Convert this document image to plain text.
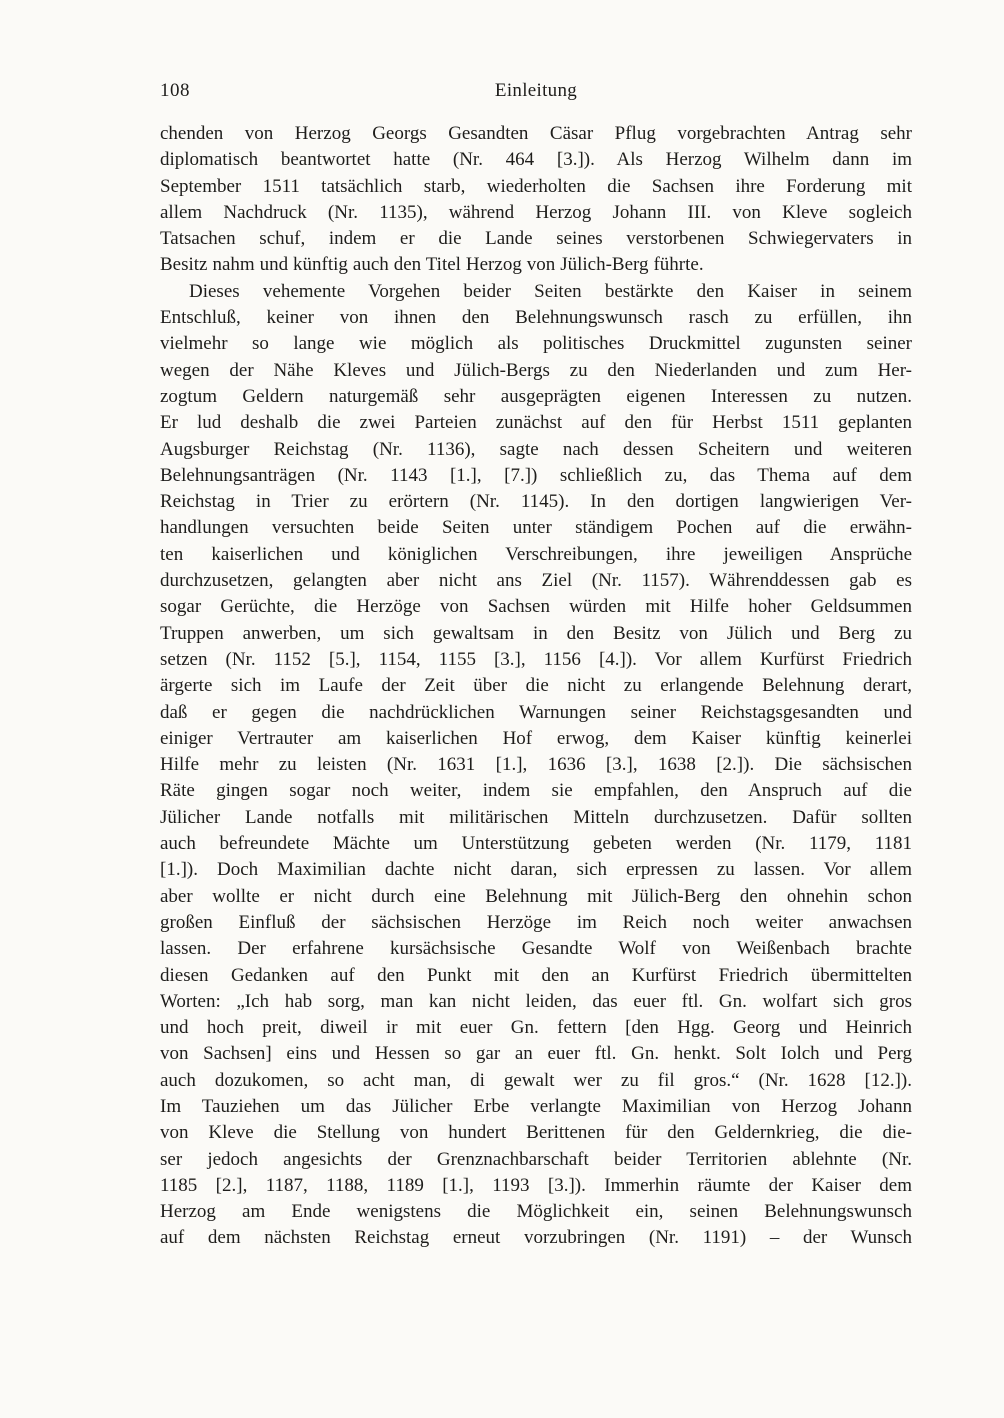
108	Einleitung
chenden von Herzog Georgs Gesandten Cäsar Pflug vorgebrachten Antrag sehr
diplomatisch beantwortet hatte (Nr. 464 [3.]). Als Herzog Wilhelm dann im
September 1511 tatsächlich starb, wiederholten die Sachsen ihre Forderung mit
allem Nachdruck (Nr. 1135), während Herzog Johann III. von Kleve sogleich
Tatsachen schuf, indem er die Lande seines verstorbenen Schwiegervaters in
Besitz nahm und künftig auch den Titel Herzog von Jülich-Berg führte.
Dieses vehemente Vorgehen beider Seiten bestärkte den Kaiser in seinem
Entschluß, keiner von ihnen den Belehnungswunsch rasch zu erfüllen, ihn
vielmehr so lange wie möglich als politisches Druckmittel zugunsten seiner
wegen der Nähe Kleves und Jülich-Bergs zu den Niederlanden und zum Her-
zogtum Geldern naturgemäß sehr ausgeprägten eigenen Interessen zu nutzen.
Er lud deshalb die zwei Parteien zunächst auf den für Herbst 1511 geplanten
Augsburger Reichstag (Nr. 1136), sagte nach dessen Scheitern und weiteren
Belehnungsanträgen (Nr. 1143 [1.], [7.]) schließlich zu, das Thema auf dem
Reichstag in Trier zu erörtern (Nr. 1145). In den dortigen langwierigen Ver-
handlungen versuchten beide Seiten unter ständigem Pochen auf die erwähn-
ten kaiserlichen und königlichen Verschreibungen, ihre jeweiligen Ansprüche
durchzusetzen, gelangten aber nicht ans Ziel (Nr. 1157). Währenddessen gab es
sogar Gerüchte, die Herzöge von Sachsen würden mit Hilfe hoher Geldsummen
Truppen anwerben, um sich gewaltsam in den Besitz von Jülich und Berg zu
setzen (Nr. 1152 [5.], 1154, 1155 [3.], 1156 [4.]). Vor allem Kurfürst Friedrich
ärgerte sich im Laufe der Zeit über die nicht zu erlangende Belehnung derart,
daß er gegen die nachdrücklichen Warnungen seiner Reichstagsgesandten und
einiger Vertrauter am kaiserlichen Hof erwog, dem Kaiser künftig keinerlei
Hilfe mehr zu leisten (Nr. 1631 [1.], 1636 [3.], 1638 [2.]). Die sächsischen
Räte gingen sogar noch weiter, indem sie empfahlen, den Anspruch auf die
Jülicher Lande notfalls mit militärischen Mitteln durchzusetzen. Dafür sollten
auch befreundete Mächte um Unterstützung gebeten werden (Nr. 1179, 1181
[1.]). Doch Maximilian dachte nicht daran, sich erpressen zu lassen. Vor allem
aber wollte er nicht durch eine Belehnung mit Jülich-Berg den ohnehin schon
großen Einfluß der sächsischen Herzöge im Reich noch weiter anwachsen
lassen. Der erfahrene kursächsische Gesandte Wolf von Weißenbach brachte
diesen Gedanken auf den Punkt mit den an Kurfürst Friedrich übermittelten
Worten: „Ich hab sorg, man kan nicht leiden, das euer ftl. Gn. wolfart sich gros
und hoch preit, diweil ir mit euer Gn. fettern [den Hgg. Georg und Heinrich
von Sachsen] eins und Hessen so gar an euer ftl. Gn. henkt. Solt Iolch und Perg
auch dozukomen, so acht man, di gewalt wer zu fil gros.“ (Nr. 1628 [12.]).
Im Tauziehen um das Jülicher Erbe verlangte Maximilian von Herzog Johann
von Kleve die Stellung von hundert Berittenen für den Geldernkrieg, die die-
ser jedoch angesichts der Grenznachbarschaft beider Territorien ablehnte (Nr.
1185 [2.], 1187, 1188, 1189 [1.], 1193 [3.]). Immerhin räumte der Kaiser dem
Herzog am Ende wenigstens die Möglichkeit ein, seinen Belehnungswunsch
auf dem nächsten Reichstag erneut vorzubringen (Nr. 1191) – der Wunsch
